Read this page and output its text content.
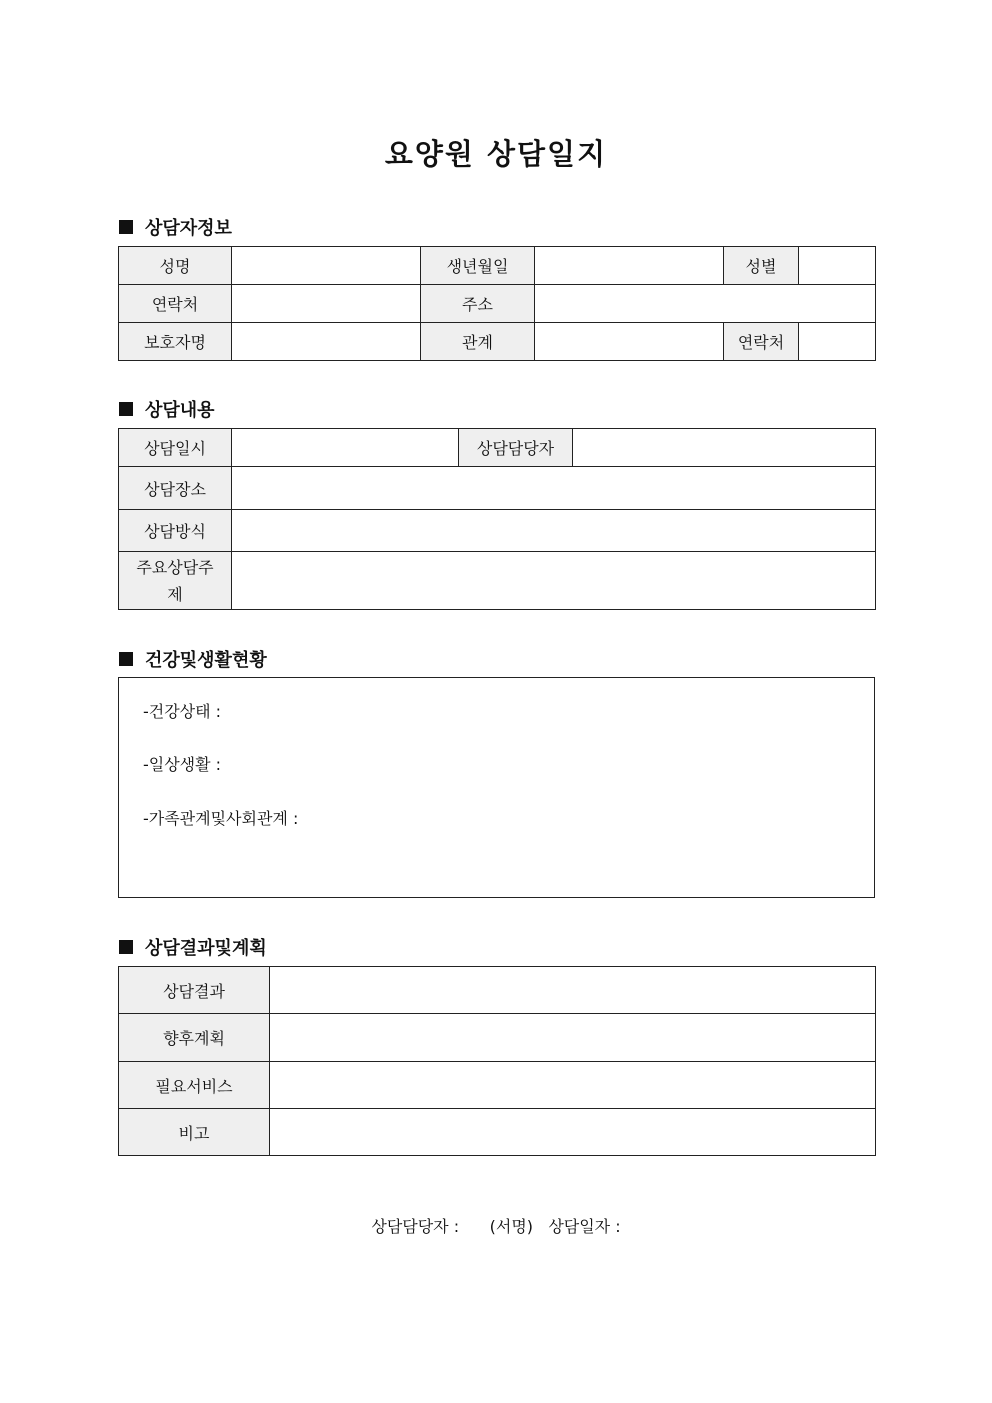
요양원 상담일지
상담자정보
성명		생년월일		성별	
연락처		주소			
보호자명		관계		연락처	
상담내용
상담일시		상담담당자	
상담장소			
상담방식			
주요상담주제			
건강및생활현황
-건강상태 :
-일상생활 :
-가족관계및사회관계 :
상담결과및계획
상담결과	
향후계획	
필요서비스	
비고	
상담담당자 : (서명) 상담일자 :
